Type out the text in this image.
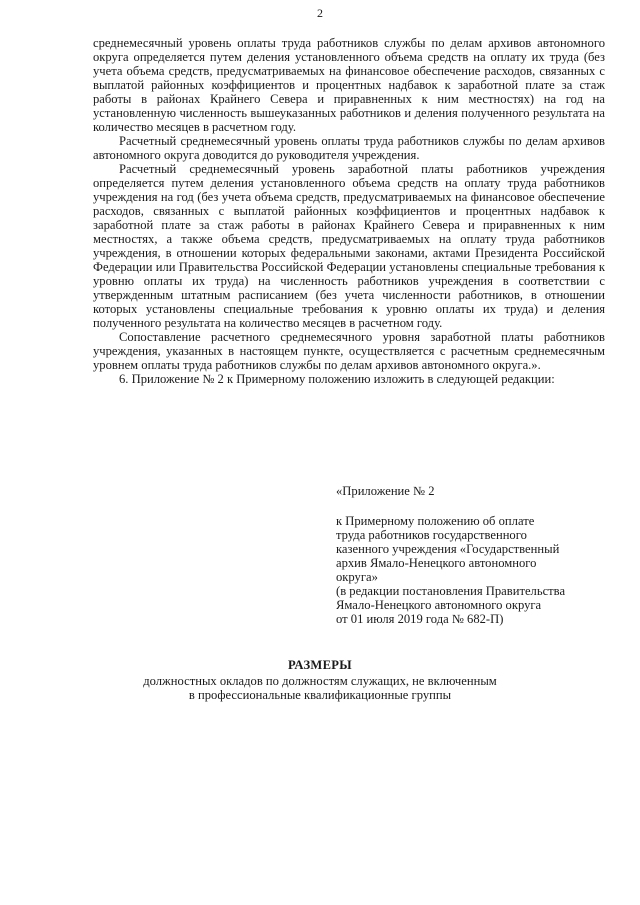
2

среднемесячный уровень оплаты труда работников службы по делам архивов автономного округа определяется путем деления установленного объема средств на оплату их труда (без учета объема средств, предусматриваемых на финансовое обеспечение расходов, связанных с выплатой районных коэффициентов и процентных надбавок к заработной плате за стаж работы в районах Крайнего Севера и приравненных к ним местностях) на год на установленную численность вышеуказанных работников и деления полученного результата на количество месяцев в расчетном году.

Расчетный среднемесячный уровень оплаты труда работников службы по делам архивов автономного округа доводится до руководителя учреждения.

Расчетный среднемесячный уровень заработной платы работников учреждения определяется путем деления установленного объема средств на оплату труда работников учреждения на год (без учета объема средств, предусматриваемых на финансовое обеспечение расходов, связанных с выплатой районных коэффициентов и процентных надбавок к заработной плате за стаж работы в районах Крайнего Севера и приравненных к ним местностях, а также объема средств, предусматриваемых на оплату труда работников учреждения, в отношении которых федеральными законами, актами Президента Российской Федерации или Правительства Российской Федерации установлены специальные требования к уровню оплаты их труда) на численность работников учреждения в соответствии с утвержденным штатным расписанием (без учета численности работников, в отношении которых установлены специальные требования к уровню оплаты их труда) и деления полученного результата на количество месяцев в расчетном году.

Сопоставление расчетного среднемесячного уровня заработной платы работников учреждения, указанных в настоящем пункте, осуществляется с расчетным среднемесячным уровнем оплаты труда работников службы по делам архивов автономного округа.».

6. Приложение № 2 к Примерному положению изложить в следующей редакции:

«Приложение № 2
к Примерному положению об оплате
труда работников государственного
казенного учреждения «Государственный
архив Ямало-Ненецкого автономного
округа»
(в редакции постановления Правительства
Ямало-Ненецкого автономного округа
от 01 июля 2019 года № 682-П)
РАЗМЕРЫ
должностных окладов по должностям служащих, не включенным
в профессиональные квалификационные группы
